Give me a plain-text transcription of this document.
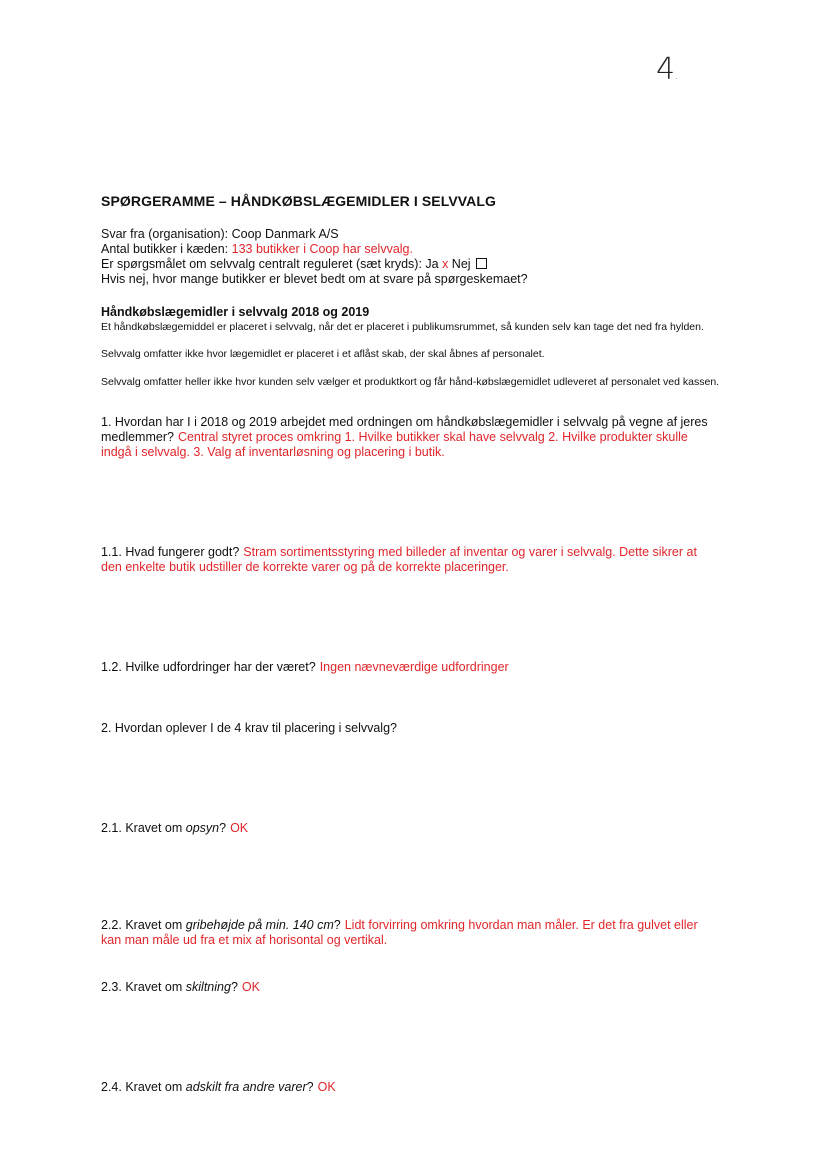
4.
SPØRGERAMME – HÅNDKØBSLÆGEMIDLER I SELVVALG
Svar fra (organisation): Coop Danmark A/S
Antal butikker i kæden: 133 butikker i Coop har selvvalg.
Er spørgsmålet om selvvalg centralt reguleret (sæt kryds): Ja x Nej
Hvis nej, hvor mange butikker er blevet bedt om at svare på spørgeskemaet?
Håndkøbslægemidler i selvvalg 2018 og 2019
Et håndkøbslægemiddel er placeret i selvvalg, når det er placeret i publikumsrummet, så kunden selv kan tage det ned fra hylden.
Selvvalg omfatter ikke hvor lægemidlet er placeret i et aflåst skab, der skal åbnes af personalet.
Selvvalg omfatter heller ikke hvor kunden selv vælger et produktkort og får hånd-købslægemidlet udleveret af personalet ved kassen.
1. Hvordan har I i 2018 og 2019 arbejdet med ordningen om håndkøbslægemidler i selvvalg på vegne af jeres medlemmer? Central styret proces omkring 1. Hvilke butikker skal have selvvalg 2. Hvilke produkter skulle indgå i selvvalg. 3. Valg af inventarløsning og placering i butik.
1.1. Hvad fungerer godt? Stram sortimentsstyring med billeder af inventar og varer i selvvalg. Dette sikrer at den enkelte butik udstiller de korrekte varer og på de korrekte placeringer.
1.2. Hvilke udfordringer har der været? Ingen nævneværdige udfordringer
2. Hvordan oplever I de 4 krav til placering i selvvalg?
2.1. Kravet om opsyn? OK
2.2. Kravet om gribehøjde på min. 140 cm? Lidt forvirring omkring hvordan man måler. Er det fra gulvet eller kan man måle ud fra et mix af horisontal og vertikal.
2.3. Kravet om skiltning? OK
2.4. Kravet om adskilt fra andre varer? OK
